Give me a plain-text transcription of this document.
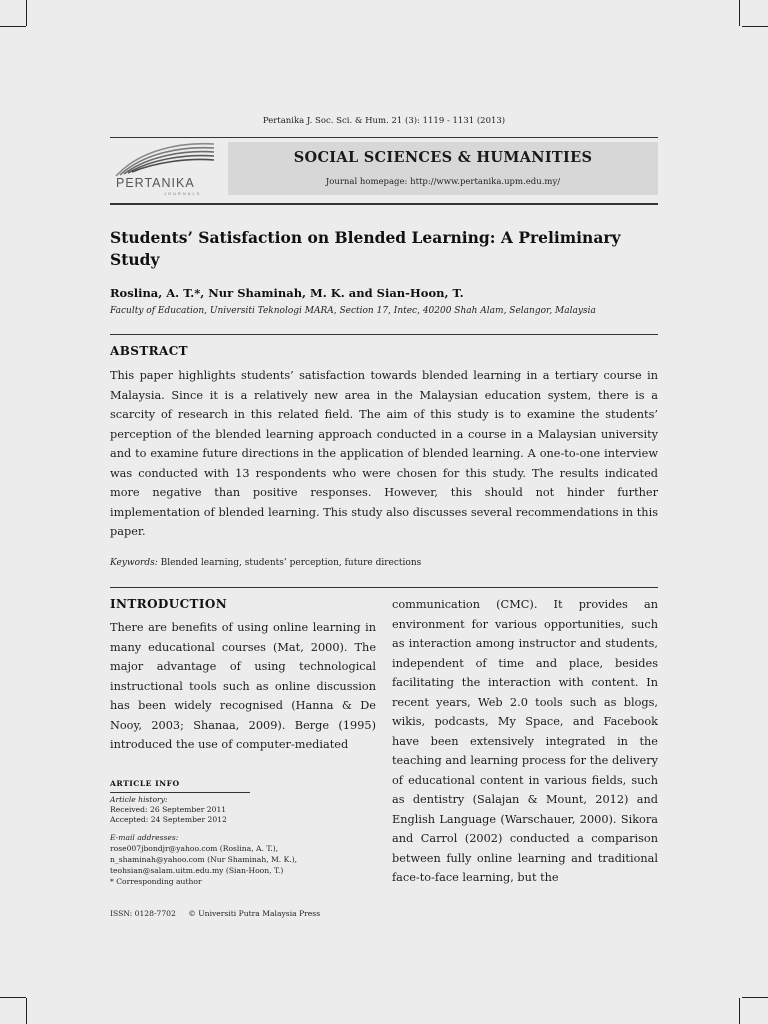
Pertanika J. Soc. Sci. & Hum. 21 (3): 1119 - 1131 (2013)
PERTANIKA
JOURNALS
SOCIAL SCIENCES & HUMANITIES
Journal homepage: http://www.pertanika.upm.edu.my/
Students’ Satisfaction on Blended Learning: A Preliminary Study
Roslina, A. T.*, Nur Shaminah, M. K. and Sian-Hoon, T.
Faculty of Education, Universiti Teknologi MARA, Section 17, Intec, 40200 Shah Alam, Selangor, Malaysia
ABSTRACT

This paper highlights students’ satisfaction towards blended learning in a tertiary course in Malaysia. Since it is a relatively new area in the Malaysian education system, there is a scarcity of research in this related field. The aim of this study is to examine the students’ perception of the blended learning approach conducted in a course in a Malaysian university and to examine future directions in the application of blended learning. A one-to-one interview was conducted with 13 respondents who were chosen for this study. The results indicated more negative than positive responses. However, this should not hinder further implementation of blended learning. This study also discusses several recommendations in this paper.

Keywords: Blended learning, students’ perception, future directions
INTRODUCTION

There are benefits of using online learning in many educational courses (Mat, 2000). The major advantage of using technological instructional tools such as online discussion has been widely recognised (Hanna & De Nooy, 2003; Shanaa, 2009). Berge (1995) introduced the use of computer-mediated

communication (CMC). It provides an environment for various opportunities, such as interaction among instructor and students, independent of time and place, besides facilitating the interaction with content. In recent years, Web 2.0 tools such as blogs, wikis, podcasts, My Space, and Facebook have been extensively integrated in the teaching and learning process for the delivery of educational content in various fields, such as dentistry (Salajan & Mount, 2012) and English Language (Warschauer, 2000). Sikora and Carrol (2002) conducted a comparison between fully online learning and traditional face-to-face learning, but the

ARTICLE INFO
Article history:
Received: 26 September 2011
Accepted: 24 September 2012
E-mail addresses:
rose007jbondjr@yahoo.com (Roslina, A. T.),
n_shaminah@yahoo.com (Nur Shaminah, M. K.),
teohsian@salam.uitm.edu.my (Sian-Hoon, T.)
* Corresponding author
ISSN: 0128-7702 © Universiti Putra Malaysia Press
